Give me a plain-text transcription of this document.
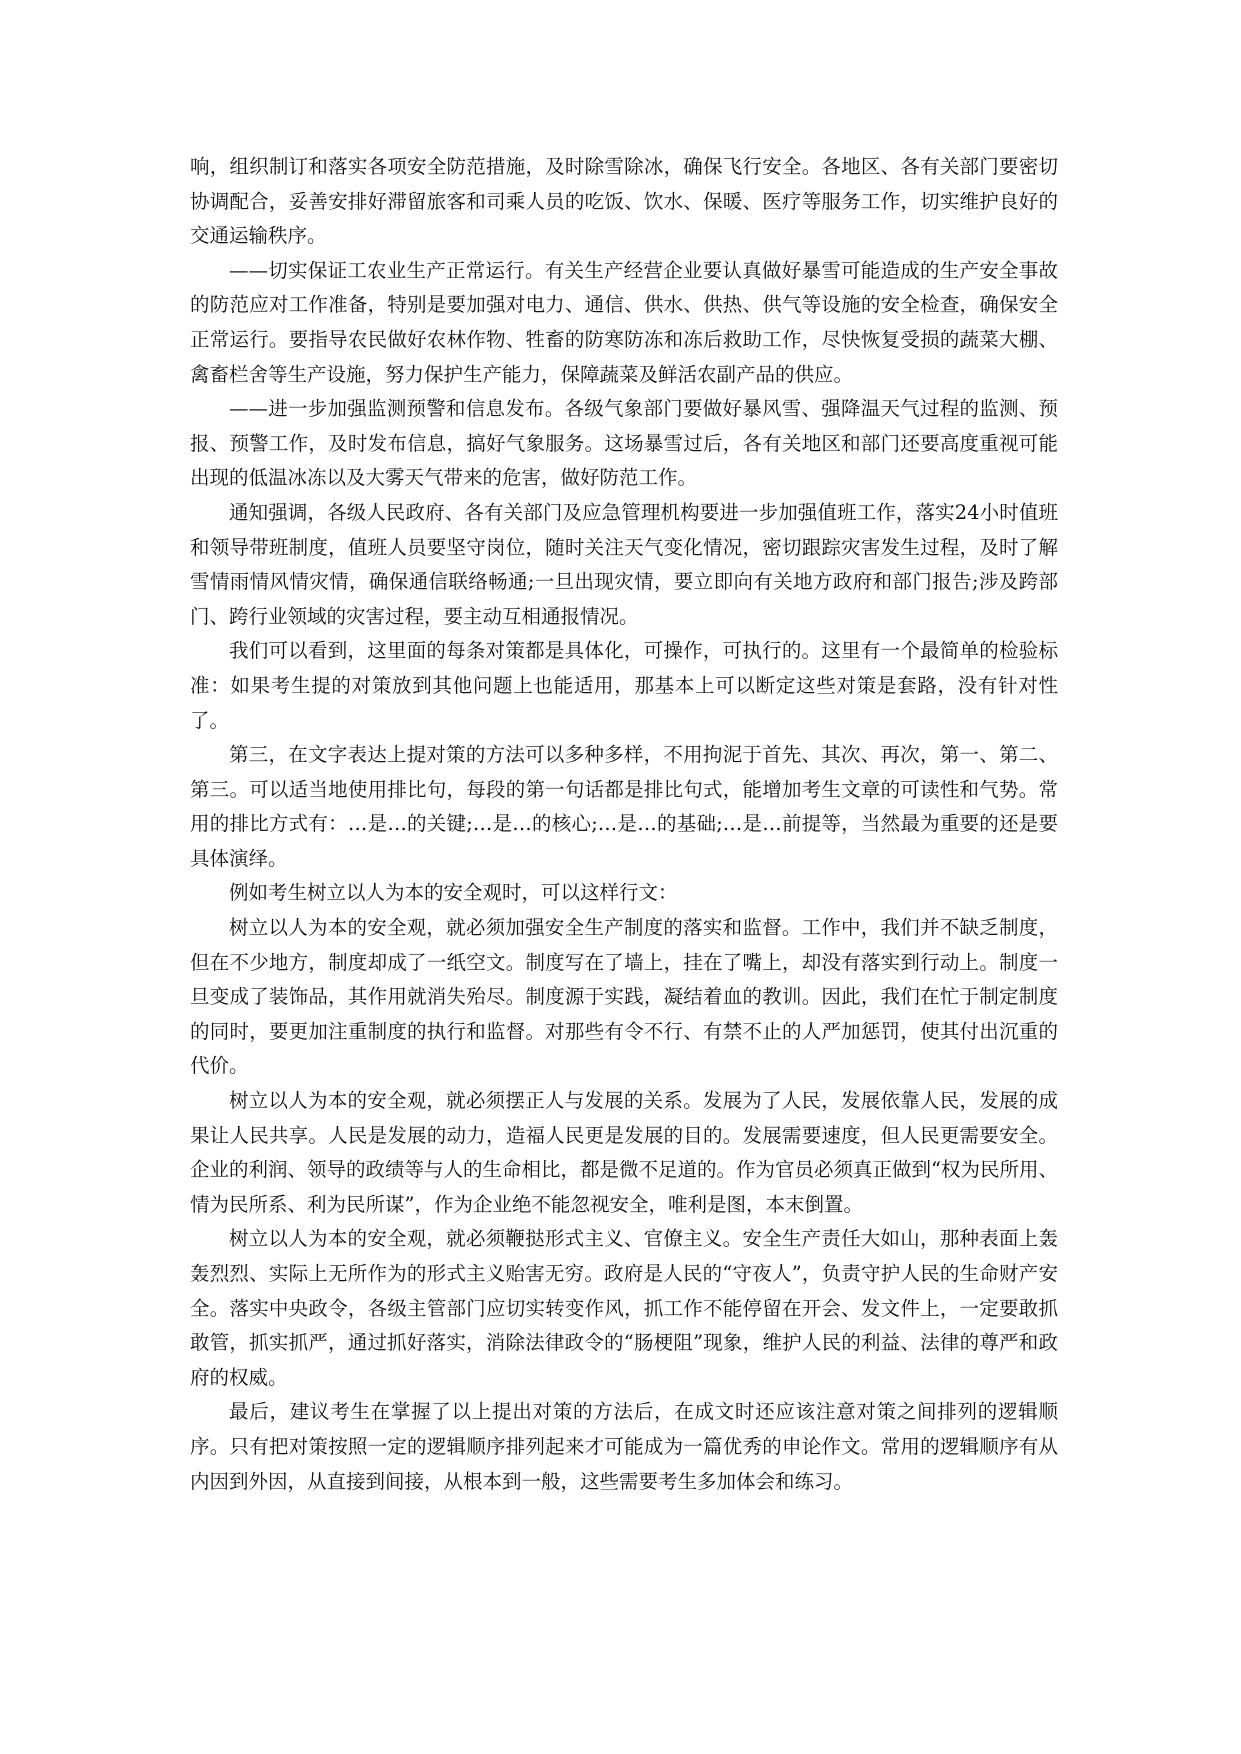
响，组织制订和落实各项安全防范措施，及时除雪除冰，确保飞行安全。各地区、各有关部门要密切协调配合，妥善安排好滞留旅客和司乘人员的吃饭、饮水、保暖、医疗等服务工作，切实维护良好的交通运输秩序。

——切实保证工农业生产正常运行。有关生产经营企业要认真做好暴雪可能造成的生产安全事故的防范应对工作准备，特别是要加强对电力、通信、供水、供热、供气等设施的安全检查，确保安全正常运行。要指导农民做好农林作物、牲畜的防寒防冻和冻后救助工作，尽快恢复受损的蔬菜大棚、禽畜栏舍等生产设施，努力保护生产能力，保障蔬菜及鲜活农副产品的供应。

——进一步加强监测预警和信息发布。各级气象部门要做好暴风雪、强降温天气过程的监测、预报、预警工作，及时发布信息，搞好气象服务。这场暴雪过后，各有关地区和部门还要高度重视可能出现的低温冰冻以及大雾天气带来的危害，做好防范工作。

通知强调，各级人民政府、各有关部门及应急管理机构要进一步加强值班工作，落实24小时值班和领导带班制度，值班人员要坚守岗位，随时关注天气变化情况，密切跟踪灾害发生过程，及时了解雪情雨情风情灾情，确保通信联络畅通;一旦出现灾情，要立即向有关地方政府和部门报告;涉及跨部门、跨行业领域的灾害过程，要主动互相通报情况。

我们可以看到，这里面的每条对策都是具体化，可操作，可执行的。这里有一个最简单的检验标准：如果考生提的对策放到其他问题上也能适用，那基本上可以断定这些对策是套路，没有针对性了。

第三，在文字表达上提对策的方法可以多种多样，不用拘泥于首先、其次、再次，第一、第二、第三。可以适当地使用排比句，每段的第一句话都是排比句式，能增加考生文章的可读性和气势。常用的排比方式有：…是…的关键;…是…的核心;…是…的基础;…是…前提等，当然最为重要的还是要具体演绎。

例如考生树立以人为本的安全观时，可以这样行文：

树立以人为本的安全观，就必须加强安全生产制度的落实和监督。工作中，我们并不缺乏制度，但在不少地方，制度却成了一纸空文。制度写在了墙上，挂在了嘴上，却没有落实到行动上。制度一旦变成了装饰品，其作用就消失殆尽。制度源于实践，凝结着血的教训。因此，我们在忙于制定制度的同时，要更加注重制度的执行和监督。对那些有令不行、有禁不止的人严加惩罚，使其付出沉重的代价。

树立以人为本的安全观，就必须摆正人与发展的关系。发展为了人民，发展依靠人民，发展的成果让人民共享。人民是发展的动力，造福人民更是发展的目的。发展需要速度，但人民更需要安全。企业的利润、领导的政绩等与人的生命相比，都是微不足道的。作为官员必须真正做到“权为民所用、情为民所系、利为民所谋”，作为企业绝不能忽视安全，唯利是图，本末倒置。

树立以人为本的安全观，就必须鞭挞形式主义、官僚主义。安全生产责任大如山，那种表面上轰轰烈烈、实际上无所作为的形式主义贻害无穷。政府是人民的“守夜人”，负责守护人民的生命财产安全。落实中央政令，各级主管部门应切实转变作风，抓工作不能停留在开会、发文件上，一定要敢抓敢管，抓实抓严，通过抓好落实，消除法律政令的“肠梗阻”现象，维护人民的利益、法律的尊严和政府的权威。

最后，建议考生在掌握了以上提出对策的方法后，在成文时还应该注意对策之间排列的逻辑顺序。只有把对策按照一定的逻辑顺序排列起来才可能成为一篇优秀的申论作文。常用的逻辑顺序有从内因到外因，从直接到间接，从根本到一般，这些需要考生多加体会和练习。
